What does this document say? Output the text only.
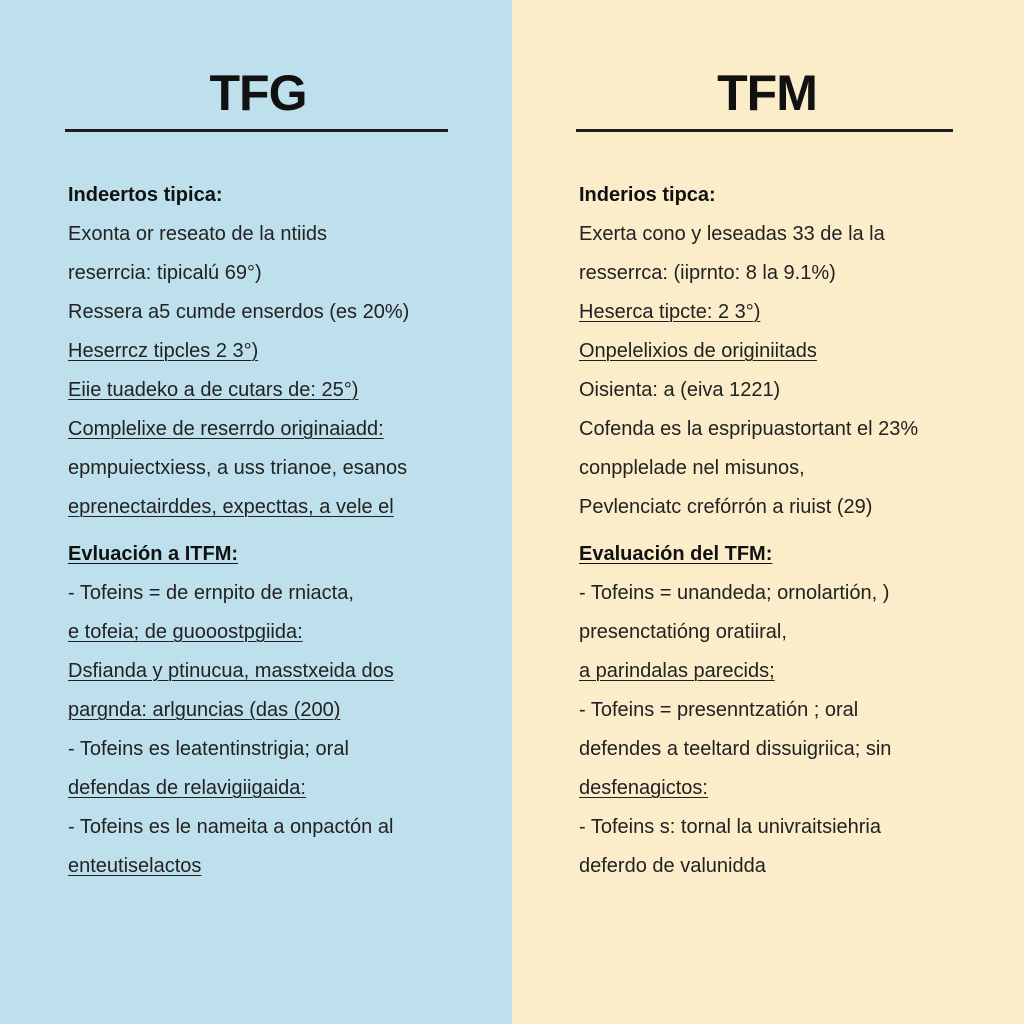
TFG
Indeertos tipica:
Exonta or reseato de la ntiids
reserrcia: tipicalú 69°)
Ressera a5 cumde enserdos (es 20%)
Heserrcz tipcles 2 3°)
Eiie tuadeko a de cutars de: 25°)
Complelixe de reserrdo originaiadd:
epmpuiectxiess, a uss trianoe, esanos
eprenectairddes, expecttas, a vele el
Evluación a ITFM:
- Tofeins = de ernpito de rniacta,
e tofeia; de guooostpgiida:
Dsfianda y ptinucua, masstxeida dos
pargnda: arlguncias (das (200)
- Tofeins es leatentinstrigia; oral
defendas de relavigiigaida:
- Tofeins es le nameita a onpactón al
enteutiselactos
TFM
Inderios tipca:
Exerta cono y leseadas 33 de la la
resserrca: (iiprnto: 8 la 9.1%)
Heserca tipcte: 2 3°)
Onpelelixios de originiitads
Oisienta: a (eiva 1221)
Cofenda es la espripuastortant el 23%
conpplelade nel misunos,
Pevlenciatc crefórrón a riuist (29)
Evaluación del TFM:
- Tofeins = unandeda; ornolartión, )
presenctatióng oratiiral,
a parindalas parecids;
- Tofeins = presenntzatión ; oral
defendes a teeltard dissuigriica; sin
desfenagictos:
- Tofeins s: tornal la univraitsiehria
deferdo de valunidda
